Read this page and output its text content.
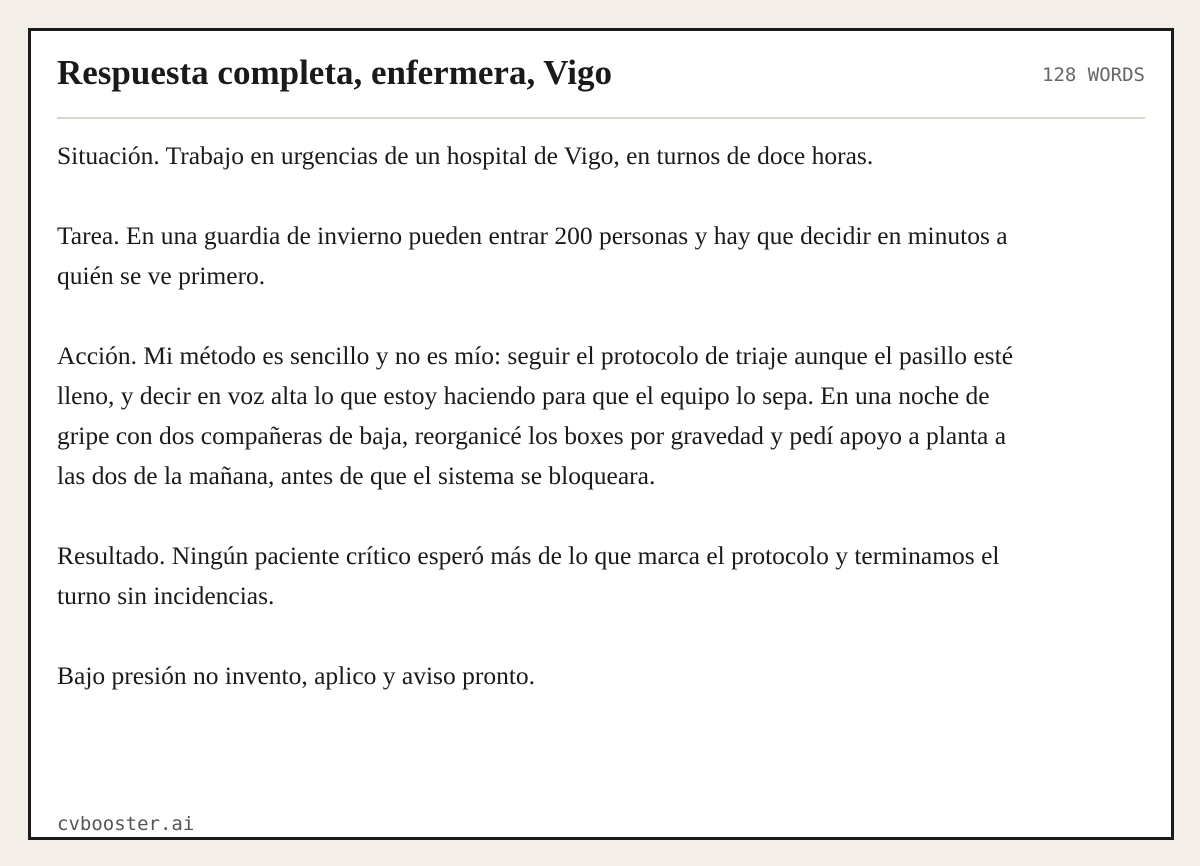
Respuesta completa, enfermera, Vigo	128 WORDS

Situación. Trabajo en urgencias de un hospital de Vigo, en turnos de doce horas.

Tarea. En una guardia de invierno pueden entrar 200 personas y hay que decidir en minutos a quién se ve primero.

Acción. Mi método es sencillo y no es mío: seguir el protocolo de triaje aunque el pasillo esté lleno, y decir en voz alta lo que estoy haciendo para que el equipo lo sepa. En una noche de gripe con dos compañeras de baja, reorganicé los boxes por gravedad y pedí apoyo a planta a las dos de la mañana, antes de que el sistema se bloqueara.

Resultado. Ningún paciente crítico esperó más de lo que marca el protocolo y terminamos el turno sin incidencias.

Bajo presión no invento, aplico y aviso pronto.

cvbooster.ai
